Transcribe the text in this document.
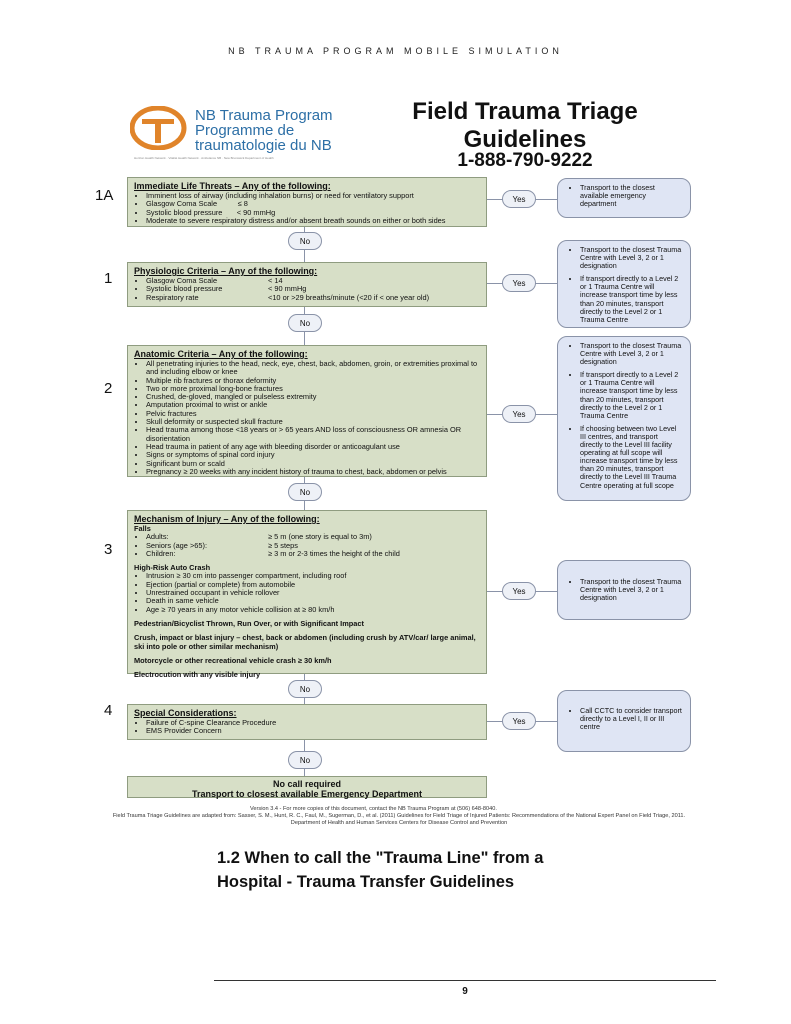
NB TRAUMA PROGRAM MOBILE SIMULATION
NB Trauma Program
Programme de
traumatologie du NB
Horizon Health Network · Vitalité Health Network · Ambulance NB · New Brunswick Department of Health
Field Trauma Triage
Guidelines
1-888-790-9222
1A
Immediate Life Threats – Any of the following:
• Imminent loss of airway (including inhalation burns) or need for ventilatory support
• Glasgow Coma Scale          ≤ 8
• Systolic blood pressure       < 90 mmHg
• Moderate to severe respiratory distress and/or absent breath sounds on either or both sides
Yes
• Transport to the closest available emergency department
No
1 Physiologic Criteria – Any of the following:
• Glasgow Coma Scale	< 14
• Systolic blood pressure	< 90 mmHg
• Respiratory rate	<10 or >29 breaths/minute (<20 if < one year old)
Yes
• Transport to the closest Trauma Centre with Level 3, 2 or 1 designation
• If transport directly to a Level 2 or 1 Trauma Centre will increase transport time by less than 20 minutes, transport directly to the Level 2 or 1 Trauma Centre
No
2
Anatomic Criteria – Any of the following:
• All penetrating injuries to the head, neck, eye, chest, back, abdomen, groin, or extremities proximal to and including elbow or knee
• Multiple rib fractures or thorax deformity
• Two or more proximal long-bone fractures
• Crushed, de-gloved, mangled or pulseless extremity
• Amputation proximal to wrist or ankle
• Pelvic fractures
• Skull deformity or suspected skull fracture
• Head trauma among those <18 years or > 65 years AND loss of consciousness OR amnesia OR disorientation
• Head trauma in patient of any age with bleeding disorder or anticoagulant use
• Signs or symptoms of spinal cord injury
• Significant burn or scald
• Pregnancy ≥ 20 weeks with any incident history of trauma to chest, back, abdomen or pelvis
Yes
• Transport to the closest Trauma Centre with Level 3, 2 or 1 designation
• If transport directly to a Level 2 or 1 Trauma Centre will increase transport time by less than 20 minutes, transport directly to the Level 2 or 1 Trauma Centre
• If choosing between two Level III centres, and transport directly to the Level III facility operating at full scope will increase transport time by less than 20 minutes, transport directly to the Level III Trauma Centre operating at full scope
No
3
Mechanism of Injury – Any of the following:
Falls
• Adults:	≥ 5 m (one story is equal to 3m)
• Seniors (age >65):	≥ 5 steps
• Children:	≥ 3 m or 2-3 times the height of the child
High-Risk Auto Crash
• Intrusion ≥ 30 cm into passenger compartment, including roof
• Ejection (partial or complete) from automobile
• Unrestrained occupant in vehicle rollover
• Death in same vehicle
• Age ≥ 70 years in any motor vehicle collision at ≥ 80 km/h
Pedestrian/Bicyclist Thrown, Run Over, or with Significant Impact
Crush, impact or blast injury – chest, back or abdomen (including crush by ATV/car/ large animal, ski into pole or other similar mechanism)
Motorcycle or other recreational vehicle crash ≥ 30 km/h
Electrocution with any visible injury
Yes
• Transport to the closest Trauma Centre with Level 3, 2 or 1 designation
No
4 Special Considerations:
• Failure of C-spine Clearance Procedure
• EMS Provider Concern
Yes
• Call CCTC to consider transport directly to a Level I, II or III centre
No
No call required
Transport to closest available Emergency Department
Version 3.4 - For more copies of this document, contact the NB Trauma Program at (506) 648-8040.
Field Trauma Triage Guidelines are adapted from: Sasser, S. M., Hunt, R. C., Faul, M., Sugerman, D., et al. (2011) Guidelines for Field Triage of Injured Patients: Recommendations of the National Expert Panel on Field Triage, 2011. Department of Health and Human Services Centers for Disease Control and Prevention
1.2 When to call the "Trauma Line" from a
Hospital - Trauma Transfer Guidelines
9
